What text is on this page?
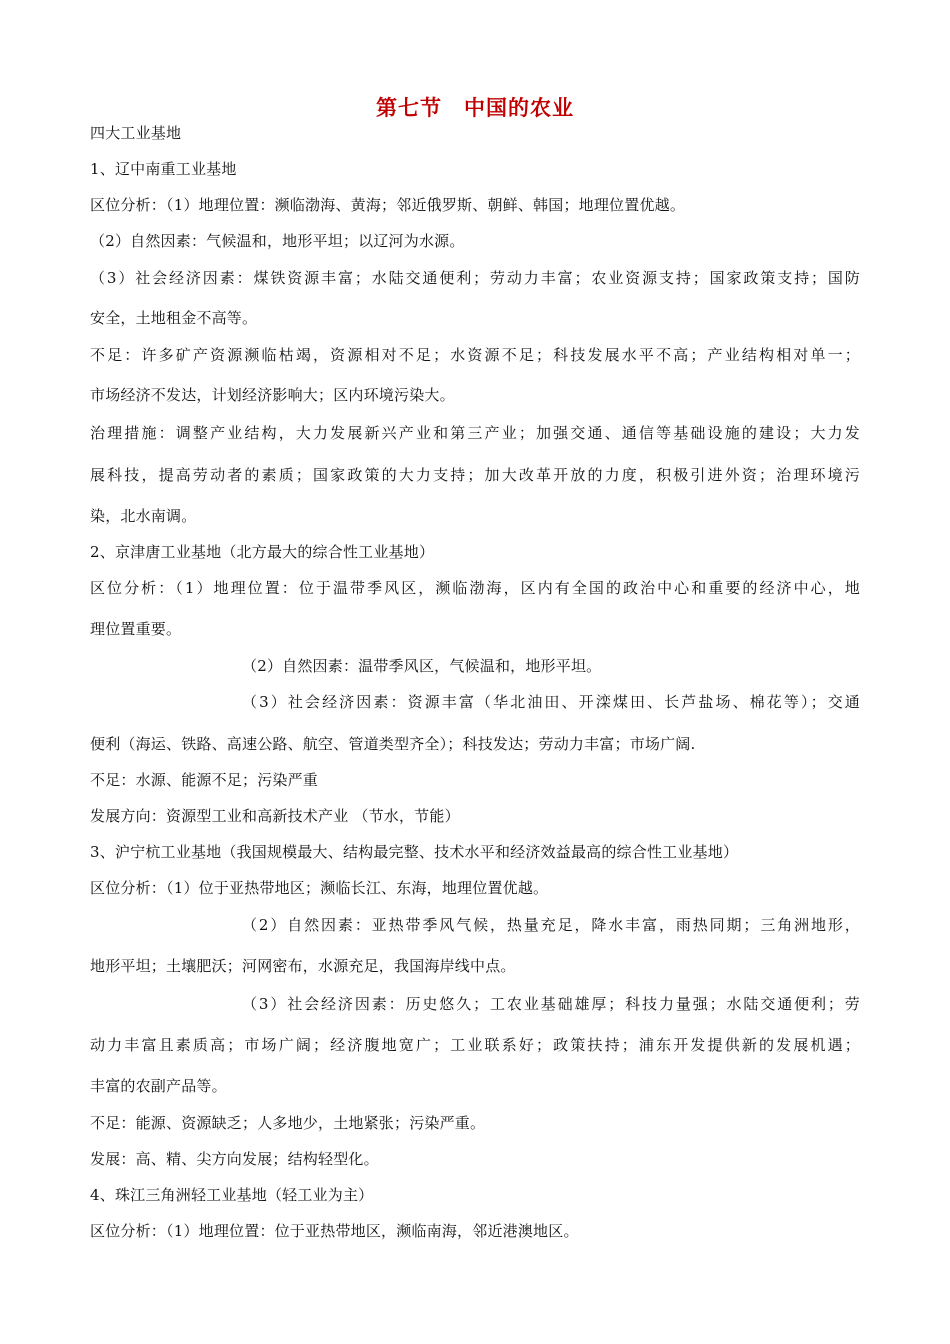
第七节 中国的农业
四大工业基地
1、辽中南重工业基地
区位分析：（1）地理位置：濒临渤海、黄海；邻近俄罗斯、朝鲜、韩国；地理位置优越。
（2）自然因素：气候温和，地形平坦；以辽河为水源。
（3）社会经济因素：煤铁资源丰富；水陆交通便利；劳动力丰富；农业资源支持；国家政策支持；国防
安全，土地租金不高等。
不足：许多矿产资源濒临枯竭，资源相对不足；水资源不足；科技发展水平不高；产业结构相对单一；
市场经济不发达，计划经济影响大；区内环境污染大。
治理措施：调整产业结构，大力发展新兴产业和第三产业；加强交通、通信等基础设施的建设；大力发
展科技，提高劳动者的素质；国家政策的大力支持；加大改革开放的力度，积极引进外资；治理环境污
染，北水南调。
2、京津唐工业基地（北方最大的综合性工业基地）
区位分析：（1）地理位置：位于温带季风区，濒临渤海，区内有全国的政治中心和重要的经济中心，地
理位置重要。
（2）自然因素：温带季风区，气候温和，地形平坦。
（3）社会经济因素：资源丰富（华北油田、开滦煤田、长芦盐场、棉花等）；交通
便利（海运、铁路、高速公路、航空、管道类型齐全）；科技发达；劳动力丰富；市场广阔.
不足：水源、能源不足；污染严重
发展方向：资源型工业和高新技术产业 （节水，节能）
3、沪宁杭工业基地（我国规模最大、结构最完整、技术水平和经济效益最高的综合性工业基地）
区位分析：（1）位于亚热带地区；濒临长江、东海，地理位置优越。
（2）自然因素：亚热带季风气候，热量充足，降水丰富，雨热同期；三角洲地形，
地形平坦；土壤肥沃；河网密布，水源充足，我国海岸线中点。
（3）社会经济因素：历史悠久；工农业基础雄厚；科技力量强；水陆交通便利；劳
动力丰富且素质高；市场广阔；经济腹地宽广；工业联系好；政策扶持；浦东开发提供新的发展机遇；
丰富的农副产品等。
不足：能源、资源缺乏；人多地少，土地紧张；污染严重。
发展：高、精、尖方向发展；结构轻型化。
4、珠江三角洲轻工业基地（轻工业为主）
区位分析：（1）地理位置：位于亚热带地区，濒临南海，邻近港澳地区。
